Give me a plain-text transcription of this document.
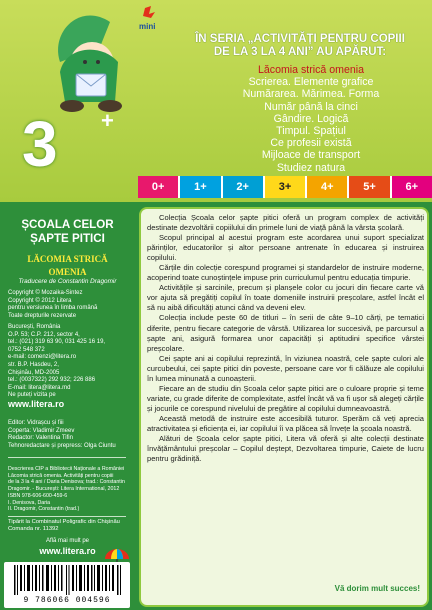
mini
ÎN SERIA „ACTIVITĂȚI PENTRU COPIII
DE LA 3 LA 4 ANI” AU APĂRUT:
Lăcomia strică omenia
Scrierea. Elemente grafice
Numărarea. Mărimea. Forma
Număr până la cinci
Gândire. Logică
Timpul. Spațiul
Ce profesii există
Mijloace de transport
Studiez natura
3 +
0+	1+	2+	3+	4+	5+	6+
ȘCOALA CELOR
ȘAPTE PITICI
LĂCOMIA STRICĂ
OMENIA
Traducere de Constantin Dragomir
Copyright © Mozaika-Sintez
Copyright © 2012 Litera
pentru versiunea în limba română
Toate drepturile rezervate
București, România
O.P. 53; C.P. 212, sector 4,
tel.: (021) 319 63 90, 031 425 16 19,
0752 548 372
e-mail: comenzi@litera.ro
str. B.P. Hasdeu, 2,
Chișinău, MD-2005
tel.: (0037322) 292 932; 226 886
E-mail: litera@litera.md
Ne puteți vizita pe
www.litera.ro
Editor: Vidrașcu și fiii
Coperta: Vladimir Zmeev
Redactor: Valentina Tifin
Tehnoredactare și prepress: Olga Ciuntu
Descrierea CIP a Bibliotecii Naționale a României
Lăcomia strică omenia. Activități pentru copiii
de la 3 la 4 ani / Daria Denisova; trad.: Constantin
Dragomir. - București: Litera International, 2012
ISBN 978-606-600-459-6
I. Denisova, Daria
II. Dragomir, Constantin (trad.)
Tipărit la Combinatul Poligrafic din Chișinău
Comanda nr. 11392
Află mai mult pe
www.litera.ro
9 786066 004596

Colecția Școala celor șapte pitici oferă un program complex de activități destinate dezvoltării copiilului din primele luni de viață până la vârsta școlară.

Scopul principal al acestui program este acordarea unui suport specializat părinților, educatorilor și altor persoane antrenate în educarea și instruirea copilului.

Cărțile din colecție corespund programei și standardelor de instruire moderne, acoperind toate cunoștințele impuse prin curriculumul pentru educația timpurie.

Activitățile și sarcinile, precum și planșele color cu jocuri din fiecare carte vă vor ajuta să pregătiți copilul în toate domeniile instruirii preșcolare, astfel încât el să nu aibă dificultăți atunci când va deveni elev.

Colecția include peste 60 de titluri – în serii de câte 9–10 cărți, pe tematici diferite, pentru fiecare categorie de vârstă. Utilizarea lor succesivă, pe parcursul a șapte ani, asigură formarea unor capacități și aptitudini specifice vârstei preșcolare.

Cei șapte ani ai copilului reprezintă, în viziunea noastră, cele șapte culori ale curcubeului, cei șapte pitici din poveste, persoane care vor fi călăuze ale copilului în lumea minunată a cunoașterii.

Fiecare an de studiu din Școala celor șapte pitici are o culoare proprie și teme variate, cu grade diferite de complexitate, astfel încât vă va fi ușor să alegeți cărțile și jocurile ce corespund nivelului de pregătire al copilului dumneavoastră.

Această metodă de instruire este accesibilă tuturor. Sperăm că veți aprecia atractivitatea și eficiența ei, iar copilului îi va plăcea să învețe la școala noastră.

Alături de Școala celor șapte pitici, Litera vă oferă și alte colecții destinate învățământului preșcolar – Copilul deștept, Dezvoltarea timpurie, Caiete de lucru pentru grădiniță.

Vă dorim mult succes!
